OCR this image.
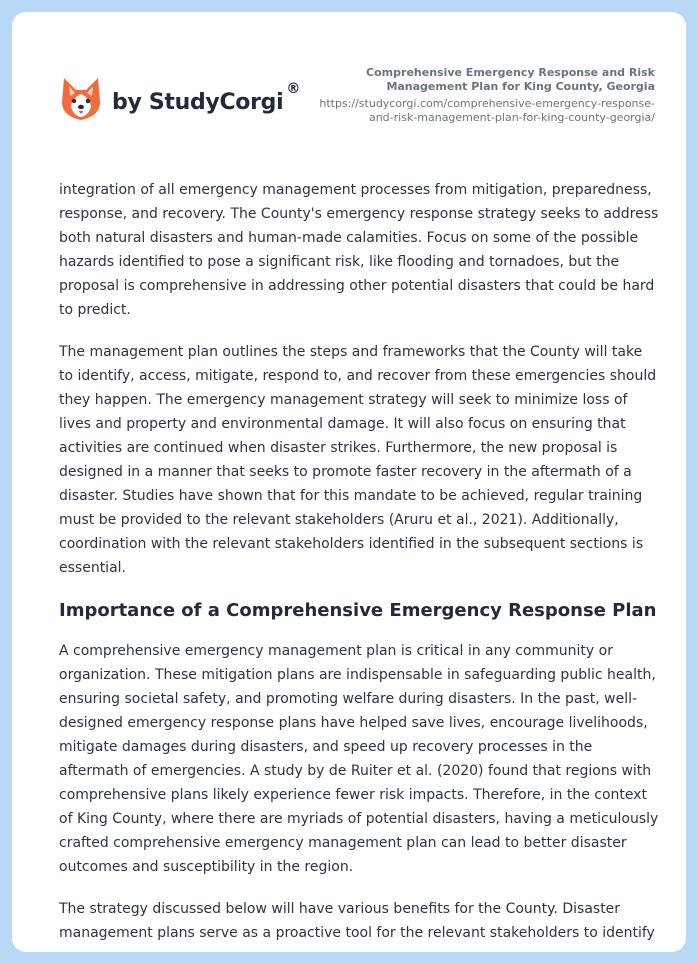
by StudyCorgi
®
Comprehensive Emergency Response and Risk Management Plan for King County, Georgia
https://studycorgi.com/comprehensive-emergency-response-and-risk-management-plan-for-king-county-georgia/

integration of all emergency management processes from mitigation, preparedness, response, and recovery. The County's emergency response strategy seeks to address both natural disasters and human-made calamities. Focus on some of the possible hazards identified to pose a significant risk, like flooding and tornadoes, but the proposal is comprehensive in addressing other potential disasters that could be hard to predict.

The management plan outlines the steps and frameworks that the County will take to identify, access, mitigate, respond to, and recover from these emergencies should they happen. The emergency management strategy will seek to minimize loss of lives and property and environmental damage. It will also focus on ensuring that activities are continued when disaster strikes. Furthermore, the new proposal is designed in a manner that seeks to promote faster recovery in the aftermath of a disaster. Studies have shown that for this mandate to be achieved, regular training must be provided to the relevant stakeholders (Aruru et al., 2021). Additionally, coordination with the relevant stakeholders identified in the subsequent sections is essential.

Importance of a Comprehensive Emergency Response Plan

A comprehensive emergency management plan is critical in any community or organization. These mitigation plans are indispensable in safeguarding public health, ensuring societal safety, and promoting welfare during disasters. In the past, well-designed emergency response plans have helped save lives, encourage livelihoods, mitigate damages during disasters, and speed up recovery processes in the aftermath of emergencies. A study by de Ruiter et al. (2020) found that regions with comprehensive plans likely experience fewer risk impacts. Therefore, in the context of King County, where there are myriads of potential disasters, having a meticulously crafted comprehensive emergency management plan can lead to better disaster outcomes and susceptibility in the region.

The strategy discussed below will have various benefits for the County. Disaster management plans serve as a proactive tool for the relevant stakeholders to identify
